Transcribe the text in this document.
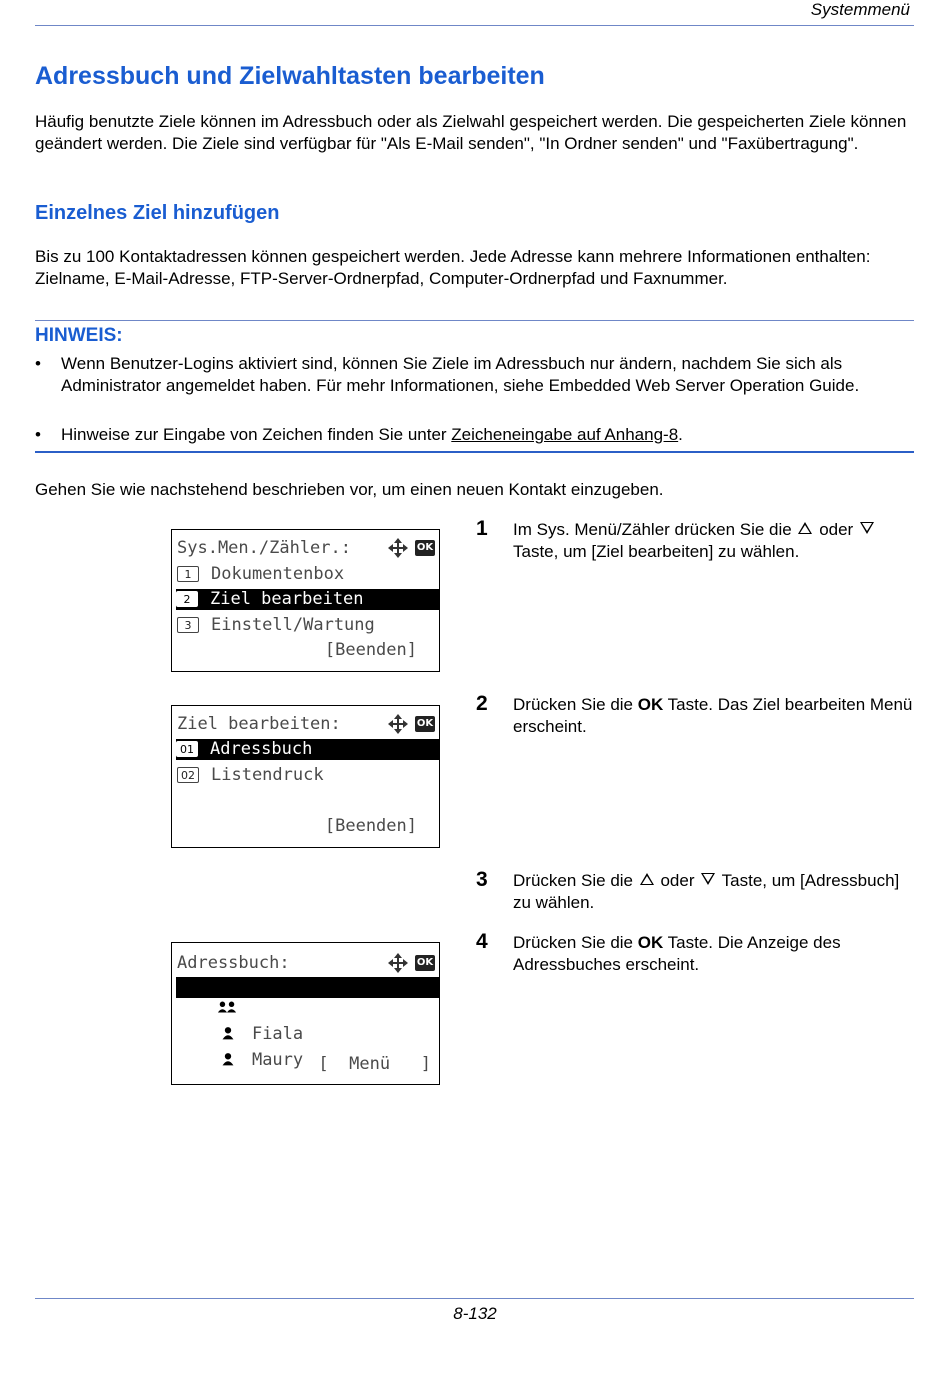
Systemmenü
Adressbuch und Zielwahltasten bearbeiten
Häufig benutzte Ziele können im Adressbuch oder als Zielwahl gespeichert werden. Die gespeicherten Ziele können geändert werden. Die Ziele sind verfügbar für "Als E-Mail senden", "In Ordner senden" und "Faxübertragung".
Einzelnes Ziel hinzufügen
Bis zu 100 Kontaktadressen können gespeichert werden. Jede Adresse kann mehrere Informationen enthalten: Zielname, E-Mail-Adresse, FTP-Server-Ordnerpfad, Computer-Ordnerpfad und Faxnummer.
HINWEIS:
• Wenn Benutzer-Logins aktiviert sind, können Sie Ziele im Adressbuch nur ändern, nachdem Sie sich als Administrator angemeldet haben. Für mehr Informationen, siehe Embedded Web Server Operation Guide.
• Hinweise zur Eingabe von Zeichen finden Sie unter Zeicheneingabe auf Anhang-8.
Gehen Sie wie nachstehend beschrieben vor, um einen neuen Kontakt einzugeben.
Sys.Men./Zähler.:	OK
1 Dokumentenbox
2 Ziel bearbeiten
3 Einstell/Wartung
[Beenden]
Ziel bearbeiten:	OK
01 Adressbuch
02 Listendruck
[Beenden]
Adressbuch:	OK

Design

Fiala

Maury
[  Menü   ]
1 Im Sys. Menü/Zähler drücken Sie die  oder  Taste, um [Ziel bearbeiten] zu wählen.
2 Drücken Sie die OK Taste. Das Ziel bearbeiten Menü erscheint.
3 Drücken Sie die  oder  Taste, um [Adressbuch] zu wählen.
4 Drücken Sie die OK Taste. Die Anzeige des Adressbuches erscheint.
8-132
